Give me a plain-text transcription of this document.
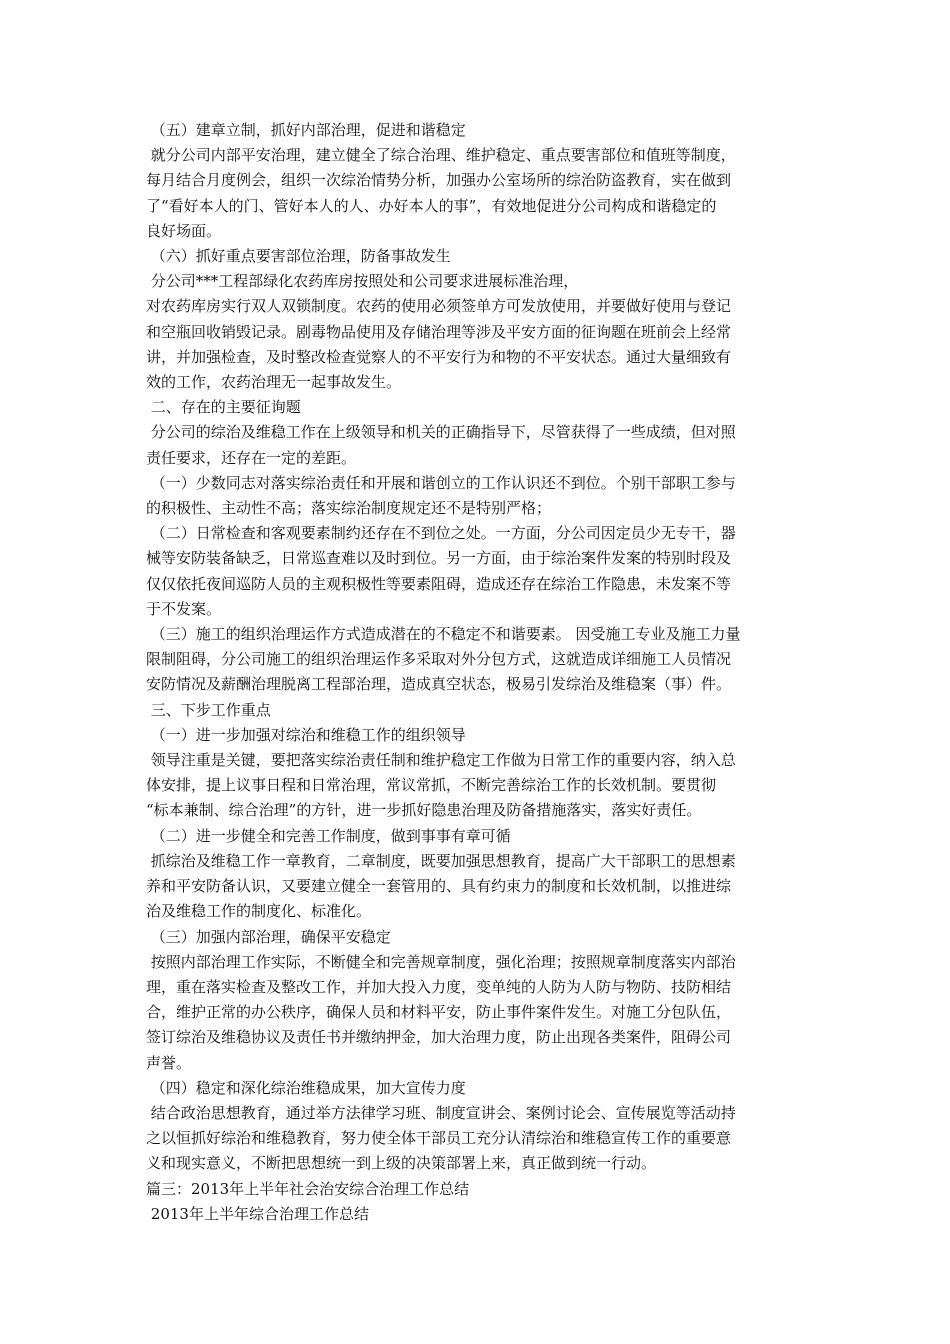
（五）建章立制，抓好内部治理，促进和谐稳定
就分公司内部平安治理，建立健全了综合治理、维护稳定、重点要害部位和值班等制度，
每月结合月度例会，组织一次综治情势分析，加强办公室场所的综治防盗教育，实在做到
了“看好本人的门、管好本人的人、办好本人的事”，有效地促进分公司构成和谐稳定的
良好场面。
（六）抓好重点要害部位治理，防备事故发生
分公司***工程部绿化农药库房按照处和公司要求进展标准治理，
对农药库房实行双人双锁制度。农药的使用必须签单方可发放使用，并要做好使用与登记
和空瓶回收销毁记录。剧毒物品使用及存储治理等涉及平安方面的征询题在班前会上经常
讲，并加强检查，及时整改检查觉察人的不平安行为和物的不平安状态。通过大量细致有
效的工作，农药治理无一起事故发生。
二、存在的主要征询题
分公司的综治及维稳工作在上级领导和机关的正确指导下，尽管获得了一些成绩，但对照
责任要求，还存在一定的差距。
（一）少数同志对落实综治责任和开展和谐创立的工作认识还不到位。个别干部职工参与
的积极性、主动性不高；落实综治制度规定还不是特别严格；
（二）日常检查和客观要素制约还存在不到位之处。一方面，分公司因定员少无专干，器
械等安防装备缺乏，日常巡查难以及时到位。另一方面，由于综治案件发案的特别时段及
仅仅依托夜间巡防人员的主观积极性等要素阻碍，造成还存在综治工作隐患，未发案不等
于不发案。
（三）施工的组织治理运作方式造成潜在的不稳定不和谐要素。 因受施工专业及施工力量
限制阻碍，分公司施工的组织治理运作多采取对外分包方式，这就造成详细施工人员情况
安防情况及薪酬治理脱离工程部治理，造成真空状态，极易引发综治及维稳案（事）件。
三、下步工作重点
（一）进一步加强对综治和维稳工作的组织领导
领导注重是关键，要把落实综治责任制和维护稳定工作做为日常工作的重要内容，纳入总
体安排，提上议事日程和日常治理，常议常抓，不断完善综治工作的长效机制。要贯彻
“标本兼制、综合治理”的方针，进一步抓好隐患治理及防备措施落实，落实好责任。
（二）进一步健全和完善工作制度，做到事事有章可循
抓综治及维稳工作一章教育，二章制度，既要加强思想教育，提高广大干部职工的思想素
养和平安防备认识，又要建立健全一套管用的、具有约束力的制度和长效机制，以推进综
治及维稳工作的制度化、标准化。
（三）加强内部治理，确保平安稳定
按照内部治理工作实际，不断健全和完善规章制度，强化治理；按照规章制度落实内部治
理，重在落实检查及整改工作，并加大投入力度，变单纯的人防为人防与物防、技防相结
合，维护正常的办公秩序，确保人员和材料平安，防止事件案件发生。对施工分包队伍，
签订综治及维稳协议及责任书并缴纳押金，加大治理力度，防止出现各类案件，阻碍公司
声誉。
（四）稳定和深化综治维稳成果，加大宣传力度
结合政治思想教育，通过举方法律学习班、制度宣讲会、案例讨论会、宣传展览等活动持
之以恒抓好综治和维稳教育，努力使全体干部员工充分认清综治和维稳宣传工作的重要意
义和现实意义，不断把思想统一到上级的决策部署上来，真正做到统一行动。
篇三：2013年上半年社会治安综合治理工作总结
2013年上半年综合治理工作总结
